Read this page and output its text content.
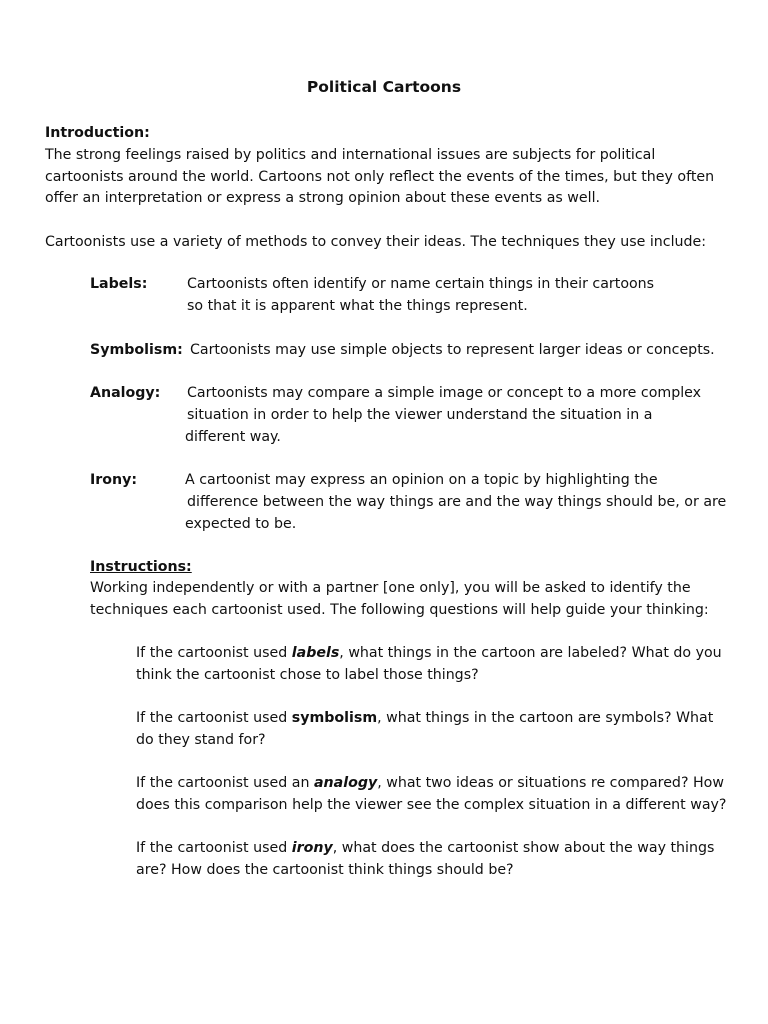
Political Cartoons
Introduction:
The strong feelings raised by politics and international issues are subjects for political
cartoonists around the world. Cartoons not only reflect the events of the times, but they often
offer an interpretation or express a strong opinion about these events as well.
Cartoonists use a variety of methods to convey their ideas. The techniques they use include:
Labels:	Cartoonists often identify or name certain things in their cartoons
so that it is apparent what the things represent.
Symbolism: Cartoonists may use simple objects to represent larger ideas or concepts.
Analogy: Cartoonists may compare a simple image or concept to a more complex
situation in order to help the viewer understand the situation in a
different way.
Irony:	A cartoonist may express an opinion on a topic by highlighting the
difference between the way things are and the way things should be, or are
expected to be.
Instructions:
Working independently or with a partner [one only], you will be asked to identify the
techniques each cartoonist used. The following questions will help guide your thinking:
If the cartoonist used labels, what things in the cartoon are labeled? What do you
think the cartoonist chose to label those things?
If the cartoonist used symbolism, what things in the cartoon are symbols? What
do they stand for?
If the cartoonist used an analogy, what two ideas or situations re compared? How
does this comparison help the viewer see the complex situation in a different way?
If the cartoonist used irony, what does the cartoonist show about the way things
are? How does the cartoonist think things should be?
